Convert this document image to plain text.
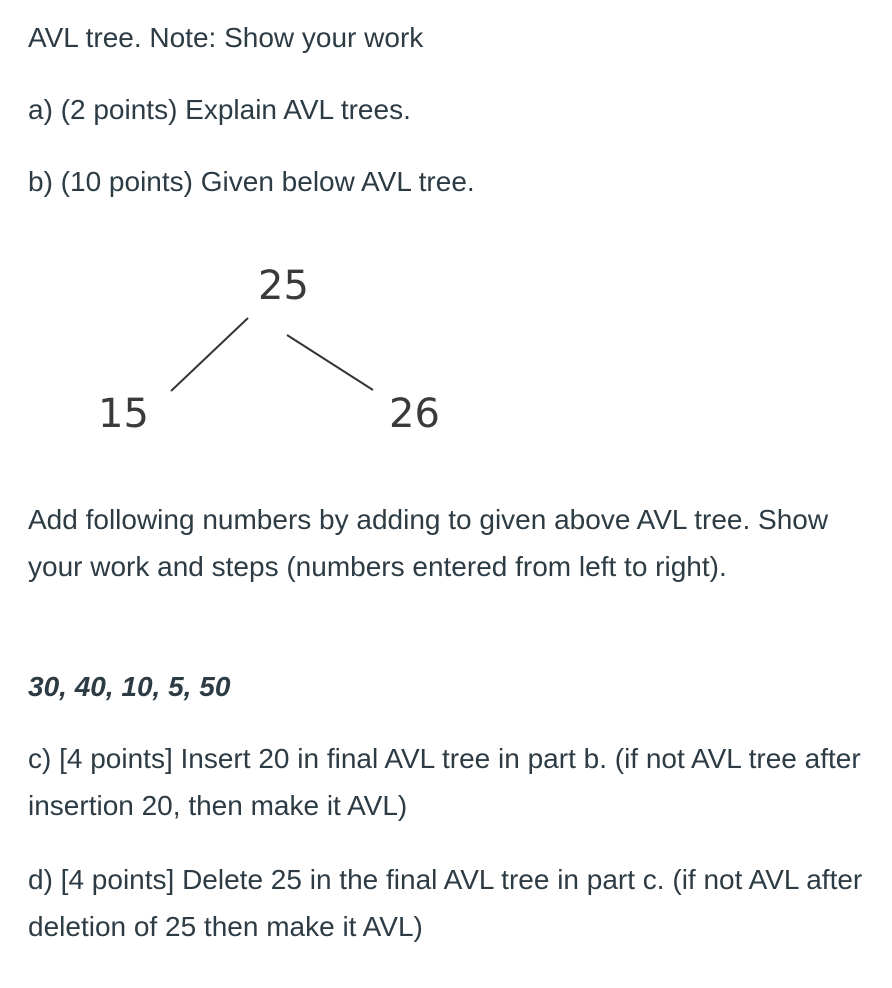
AVL tree. Note: Show your work
a) (2 points) Explain AVL trees.
b) (10 points) Given below AVL tree.
25
15	26
Add following numbers by adding to given above AVL tree. Show your work and steps (numbers entered from left to right).
30, 40, 10, 5, 50
c) [4 points] Insert 20 in final AVL tree in part b. (if not AVL tree after insertion 20, then make it AVL)
d) [4 points] Delete 25 in the final AVL tree in part c. (if not AVL after deletion of 25 then make it AVL)
